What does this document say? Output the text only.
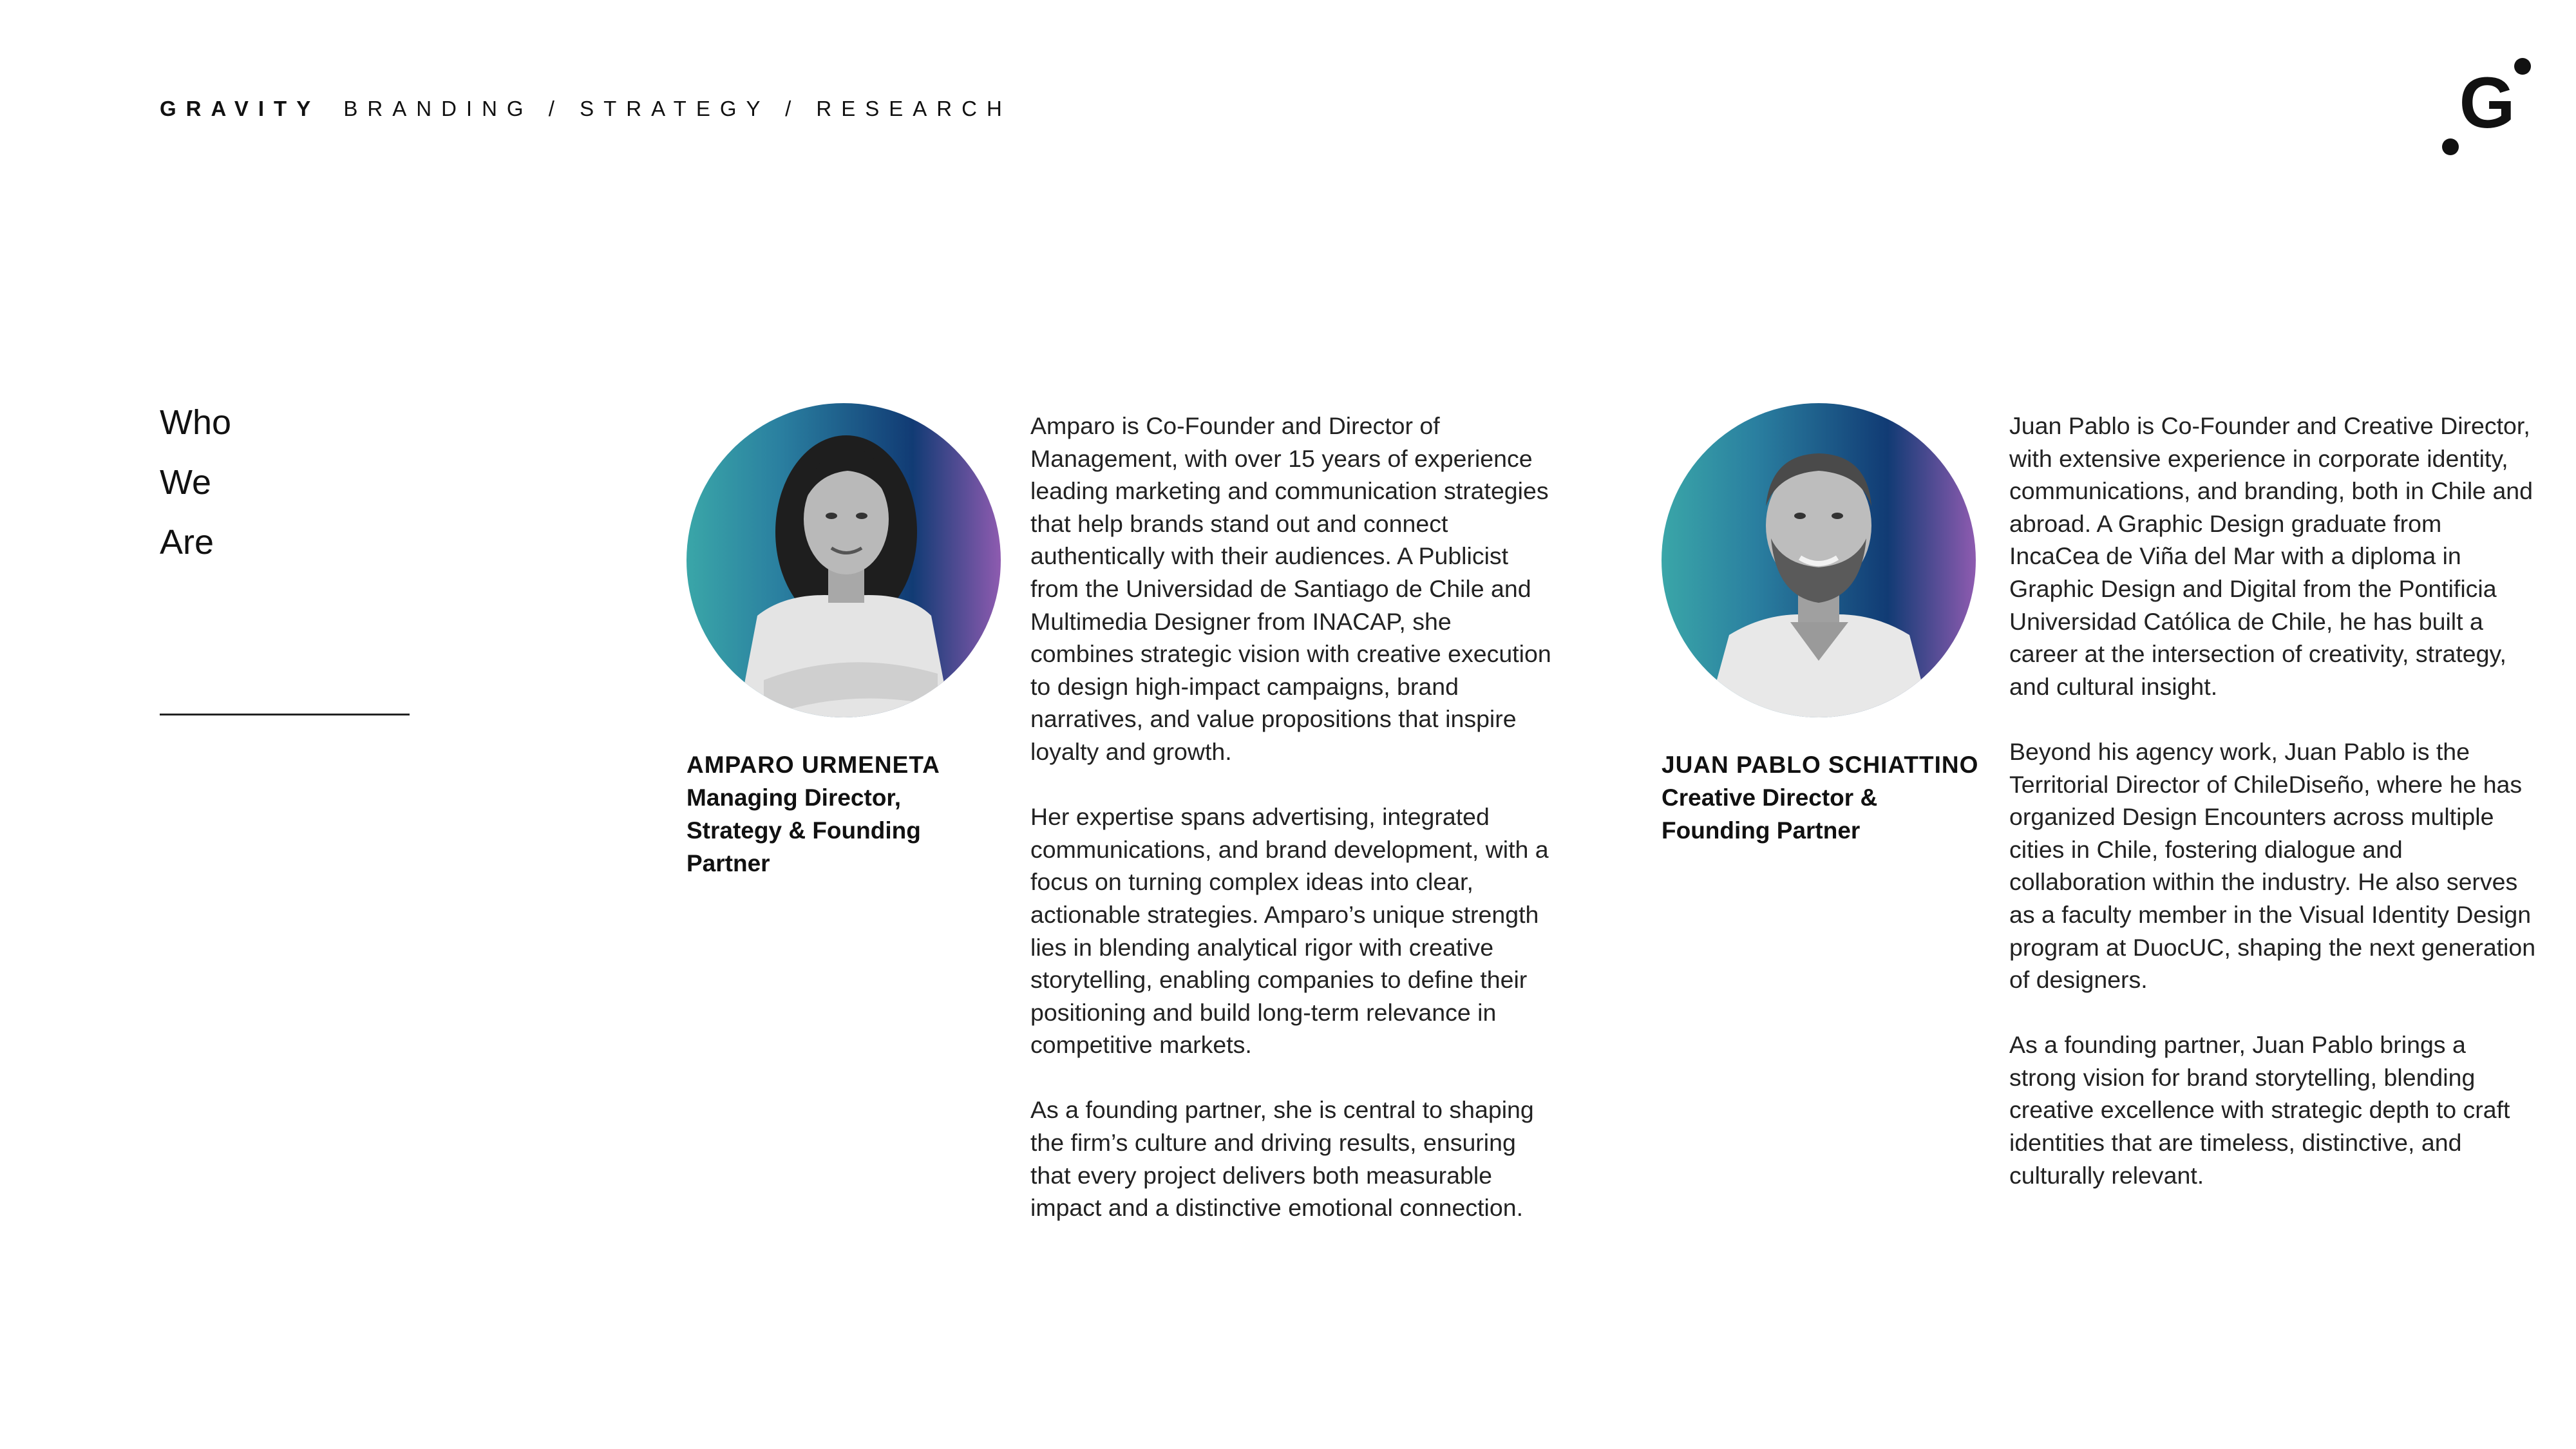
GRAVITY BRANDING / STRATEGY / RESEARCH	G
Who
We
Are
AMPARO URMENETA
Managing Director, Strategy & Founding Partner

Amparo is Co-Founder and Director of Management, with over 15 years of experience leading marketing and communication strategies that help brands stand out and connect authentically with their audiences. A Publicist from the Universidad de Santiago de Chile and Multimedia Designer from INACAP, she combines strategic vision with creative execution to design high-impact campaigns, brand narratives, and value propositions that inspire loyalty and growth.

Her expertise spans advertising, integrated communications, and brand development, with a focus on turning complex ideas into clear, actionable strategies. Amparo’s unique strength lies in blending analytical rigor with creative storytelling, enabling companies to define their positioning and build long-term relevance in competitive markets.

As a founding partner, she is central to shaping the firm’s culture and driving results, ensuring that every project delivers both measurable impact and a distinctive emotional connection.

JUAN PABLO SCHIATTINO
Creative Director & Founding Partner

Juan Pablo is Co-Founder and Creative Director, with extensive experience in corporate identity, communications, and branding, both in Chile and abroad. A Graphic Design graduate from IncaCea de Viña del Mar with a diploma in Graphic Design and Digital from the Pontificia Universidad Católica de Chile, he has built a career at the intersection of creativity, strategy, and cultural insight.

Beyond his agency work, Juan Pablo is the Territorial Director of ChileDiseño, where he has organized Design Encounters across multiple cities in Chile, fostering dialogue and collaboration within the industry. He also serves as a faculty member in the Visual Identity Design program at DuocUC, shaping the next generation of designers.

As a founding partner, Juan Pablo brings a strong vision for brand storytelling, blending creative excellence with strategic depth to craft identities that are timeless, distinctive, and culturally relevant.
